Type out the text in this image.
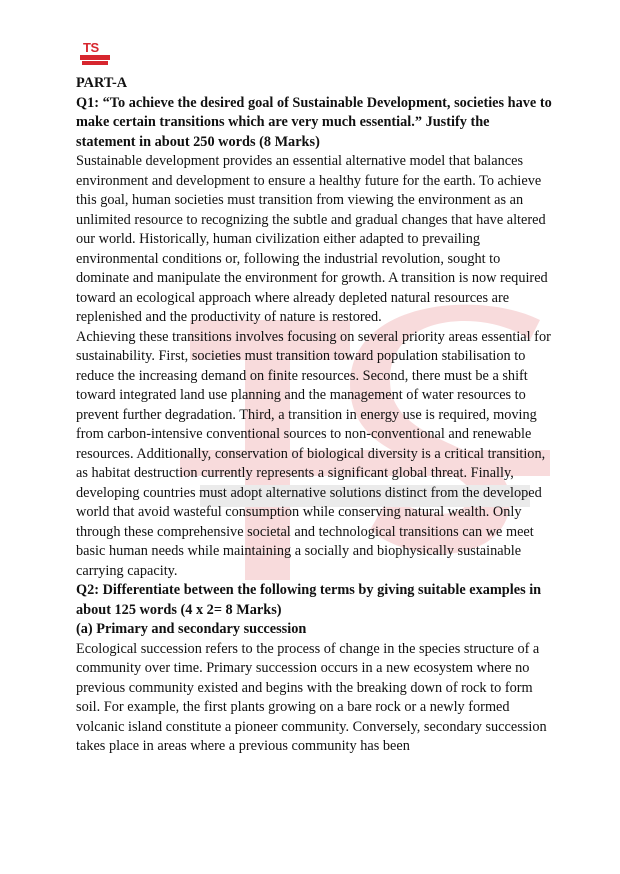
TS

PART-A

Q1: “To achieve the desired goal of Sustainable Development, societies have to make certain transitions which are very much essential.” Justify the statement in about 250 words (8 Marks)

Sustainable development provides an essential alternative model that balances environment and development to ensure a healthy future for the earth. To achieve this goal, human societies must transition from viewing the environment as an unlimited resource to recognizing the subtle and gradual changes that have altered our world. Historically, human civilization either adapted to prevailing environmental conditions or, following the industrial revolution, sought to dominate and manipulate the environment for growth. A transition is now required toward an ecological approach where already depleted natural resources are replenished and the productivity of nature is restored.

Achieving these transitions involves focusing on several priority areas essential for sustainability. First, societies must transition toward population stabilisation to reduce the increasing demand on finite resources. Second, there must be a shift toward integrated land use planning and the management of water resources to prevent further degradation. Third, a transition in energy use is required, moving from carbon-intensive conventional sources to non-conventional and renewable resources. Additionally, conservation of biological diversity is a critical transition, as habitat destruction currently represents a significant global threat. Finally, developing countries must adopt alternative solutions distinct from the developed world that avoid wasteful consumption while conserving natural wealth. Only through these comprehensive societal and technological transitions can we meet basic human needs while maintaining a socially and biophysically sustainable carrying capacity.

Q2: Differentiate between the following terms by giving suitable examples in about 125 words (4 x 2= 8 Marks)

(a) Primary and secondary succession

Ecological succession refers to the process of change in the species structure of a community over time. Primary succession occurs in a new ecosystem where no previous community existed and begins with the breaking down of rock to form soil. For example, the first plants growing on a bare rock or a newly formed volcanic island constitute a pioneer community. Conversely, secondary succession takes place in areas where a previous community has been
